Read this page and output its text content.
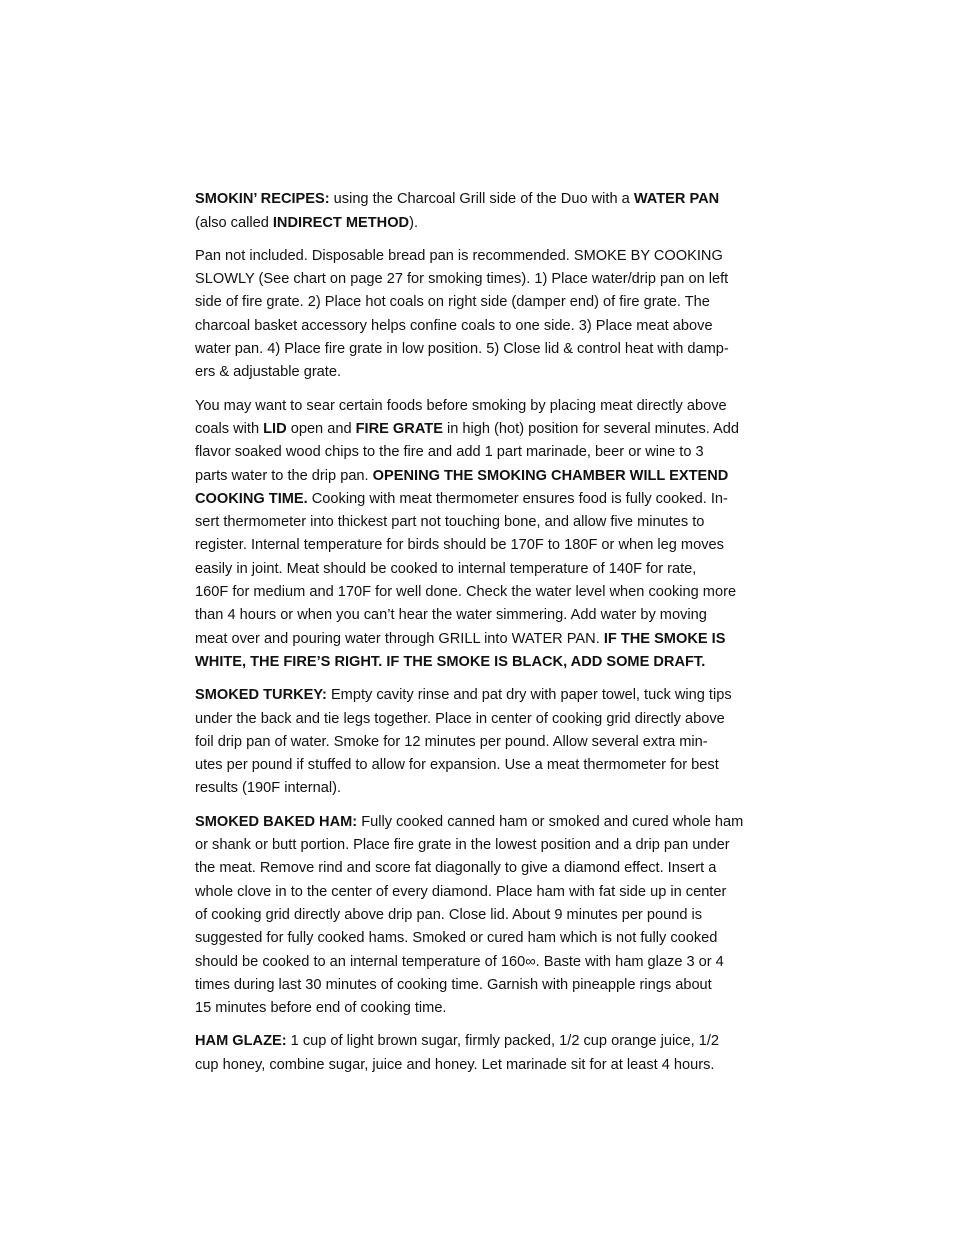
SMOKIN’ RECIPES: using the Charcoal Grill side of the Duo with a WATER PAN
(also called INDIRECT METHOD).

Pan not included. Disposable bread pan is recommended. SMOKE BY COOKING
SLOWLY (See chart on page 27 for smoking times). 1) Place water/drip pan on left
side of fire grate. 2) Place hot coals on right side (damper end) of fire grate. The
charcoal basket accessory helps confine coals to one side. 3) Place meat above
water pan. 4) Place fire grate in low position. 5) Close lid & control heat with damp-
ers & adjustable grate.

You may want to sear certain foods before smoking by placing meat directly above
coals with LID open and FIRE GRATE in high (hot) position for several minutes. Add
flavor soaked wood chips to the fire and add 1 part marinade, beer or wine to 3
parts water to the drip pan. OPENING THE SMOKING CHAMBER WILL EXTEND
COOKING TIME. Cooking with meat thermometer ensures food is fully cooked. In-
sert thermometer into thickest part not touching bone, and allow five minutes to
register. Internal temperature for birds should be 170F to 180F or when leg moves
easily in joint. Meat should be cooked to internal temperature of 140F for rate,
160F for medium and 170F for well done. Check the water level when cooking more
than 4 hours or when you can’t hear the water simmering. Add water by moving
meat over and pouring water through GRILL into WATER PAN. IF THE SMOKE IS
WHITE, THE FIRE’S RIGHT. IF THE SMOKE IS BLACK, ADD SOME DRAFT.

SMOKED TURKEY: Empty cavity rinse and pat dry with paper towel, tuck wing tips
under the back and tie legs together. Place in center of cooking grid directly above
foil drip pan of water. Smoke for 12 minutes per pound. Allow several extra min-
utes per pound if stuffed to allow for expansion. Use a meat thermometer for best
results (190F internal).

SMOKED BAKED HAM: Fully cooked canned ham or smoked and cured whole ham
or shank or butt portion. Place fire grate in the lowest position and a drip pan under
the meat. Remove rind and score fat diagonally to give a diamond effect. Insert a
whole clove in to the center of every diamond. Place ham with fat side up in center
of cooking grid directly above drip pan. Close lid. About 9 minutes per pound is
suggested for fully cooked hams. Smoked or cured ham which is not fully cooked
should be cooked to an internal temperature of 160∞. Baste with ham glaze 3 or 4
times during last 30 minutes of cooking time. Garnish with pineapple rings about
15 minutes before end of cooking time.

HAM GLAZE: 1 cup of light brown sugar, firmly packed, 1/2 cup orange juice, 1/2
cup honey, combine sugar, juice and honey. Let marinade sit for at least 4 hours.
